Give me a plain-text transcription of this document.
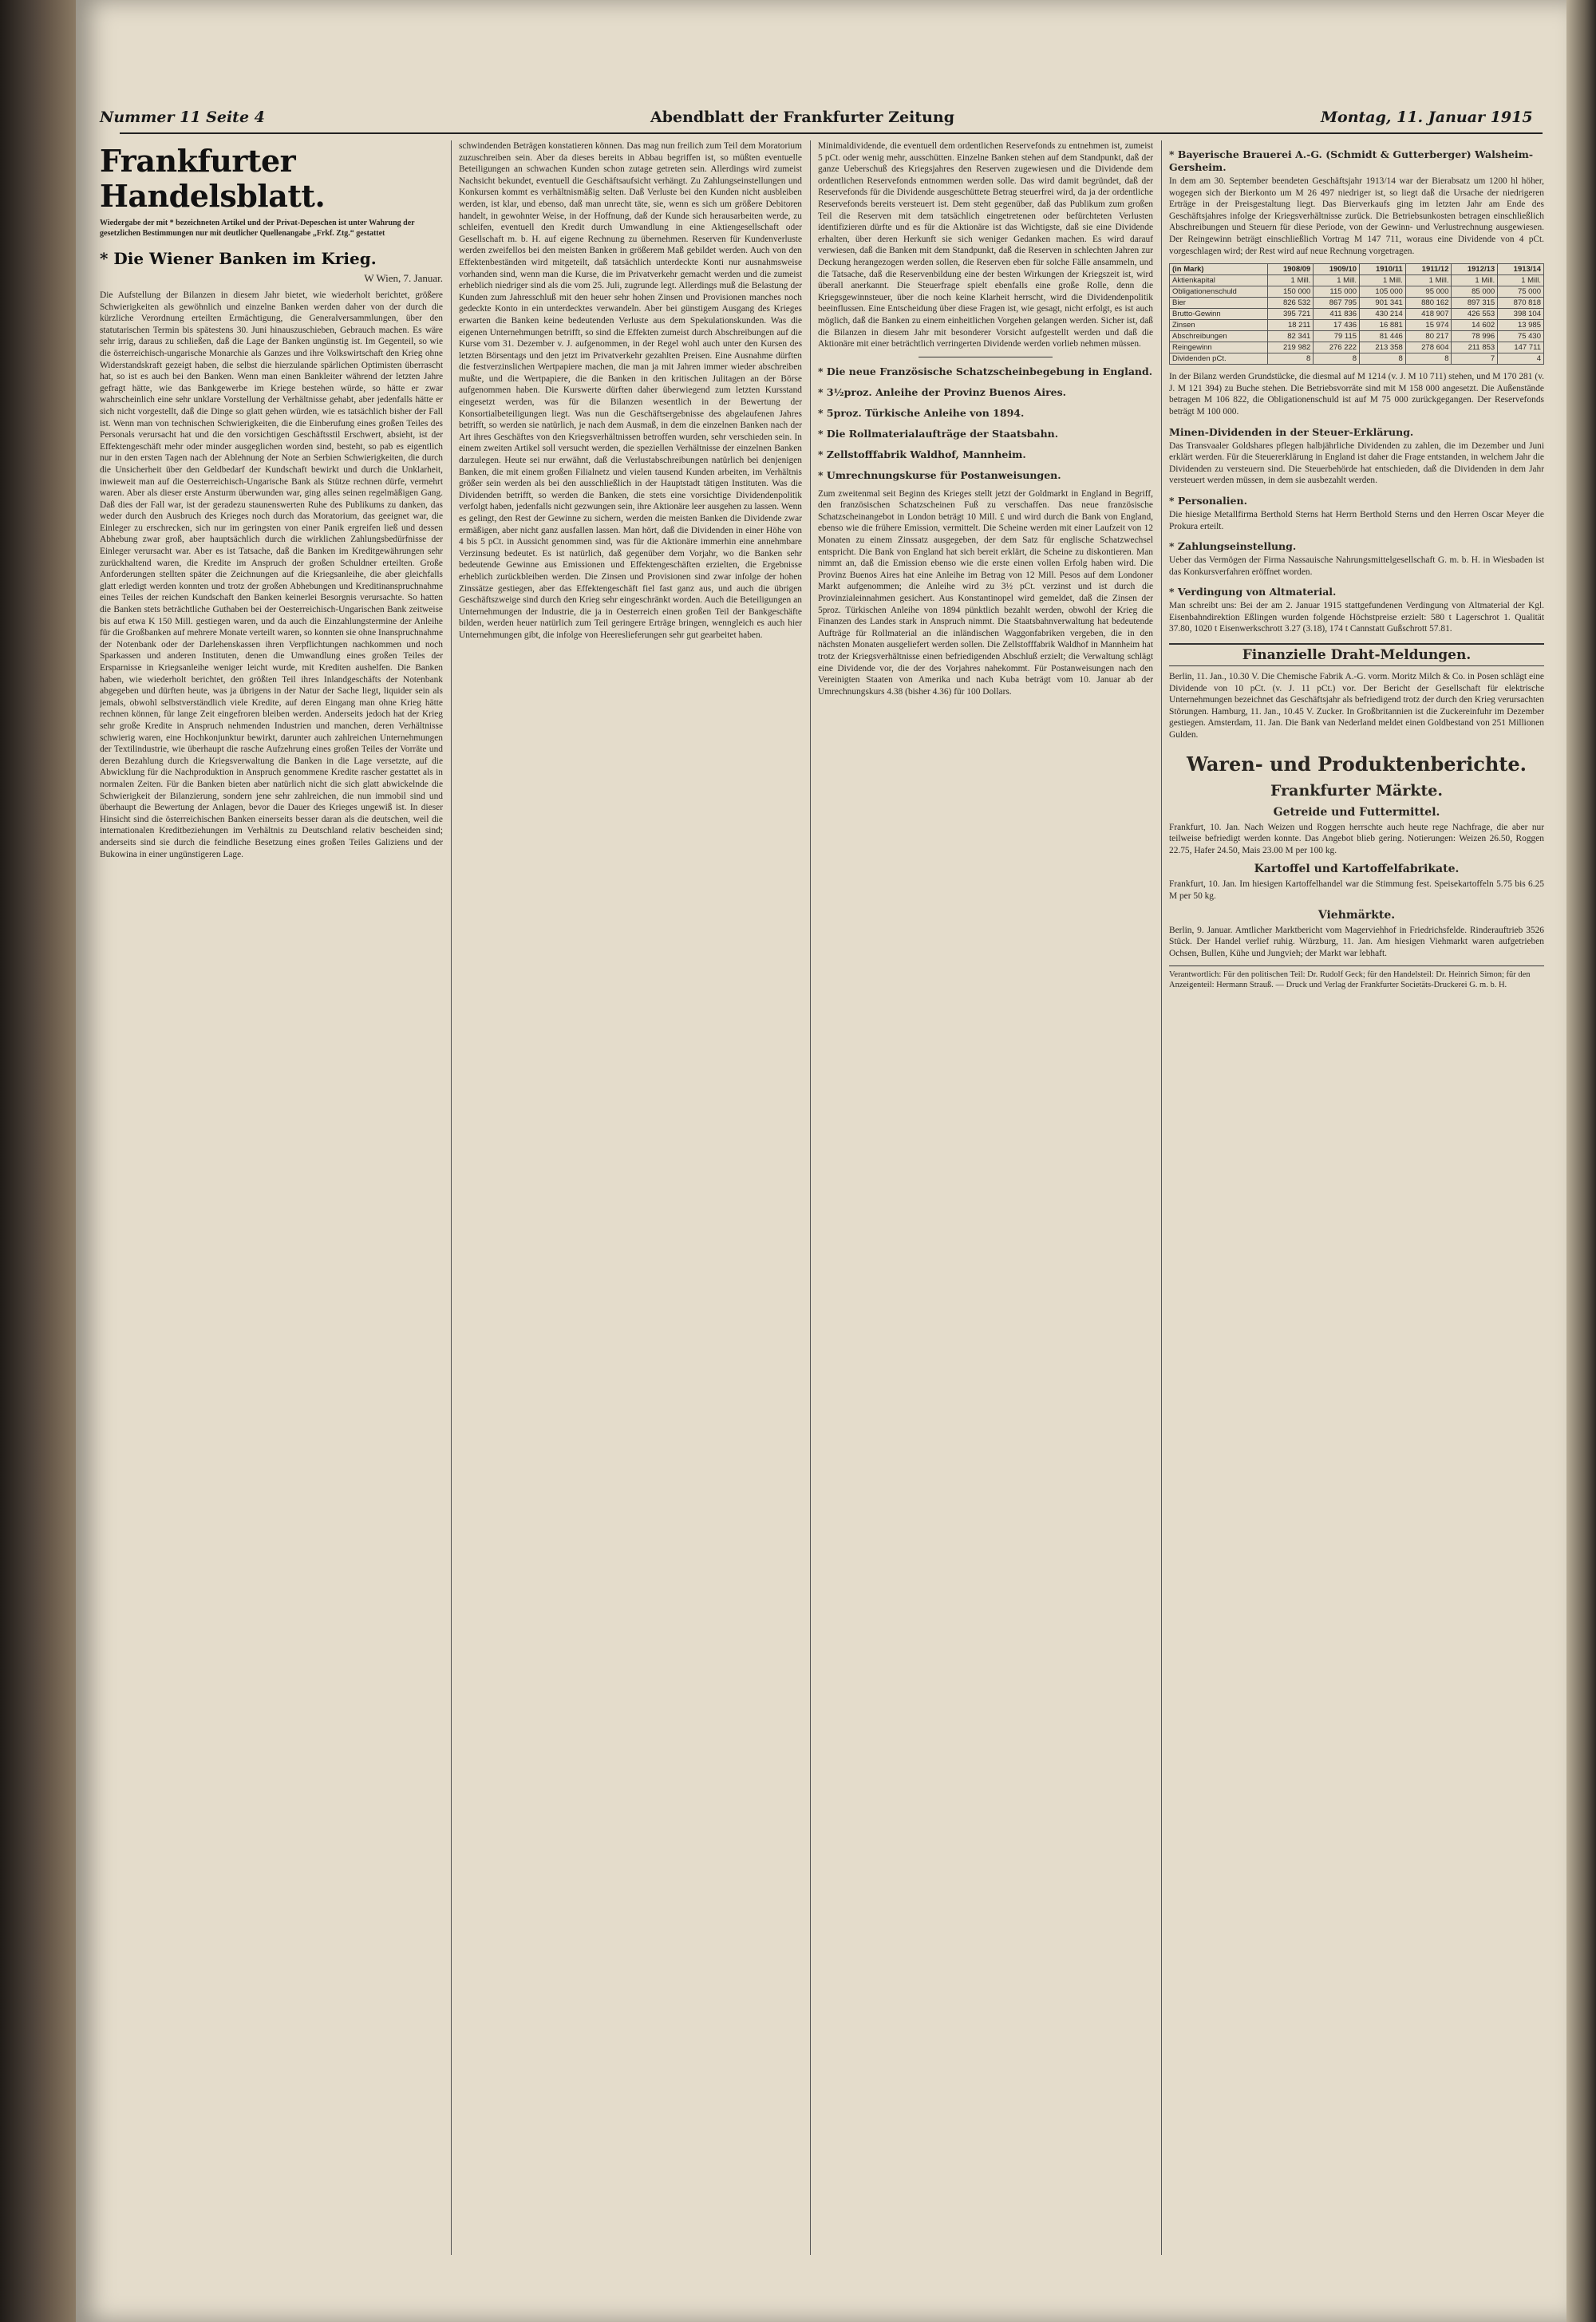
Nummer 11 Seite 4	Abendblatt der Frankfurter Zeitung	Montag, 11. Januar 1915
Frankfurter Handelsblatt.

Wiedergabe der mit * bezeichneten Artikel und der Privat-Depeschen ist unter Wahrung der gesetzlichen Bestimmungen nur mit deutlicher Quellenangabe „Frkf. Ztg.“ gestattet

* Die Wiener Banken im Krieg.

W Wien, 7. Januar.

Die Aufstellung der Bilanzen in diesem Jahr bietet, wie wiederholt berichtet, größere Schwierigkeiten als gewöhnlich und einzelne Banken werden daher von der durch die kürzliche Verordnung erteilten Ermächtigung, die Generalversammlungen, über den statutarischen Termin bis spätestens 30. Juni hinauszuschieben, Gebrauch machen. Es wäre sehr irrig, daraus zu schließen, daß die Lage der Banken ungünstig ist. Im Gegenteil, so wie die österreichisch-ungarische Monarchie als Ganzes und ihre Volkswirtschaft den Krieg ohne Widerstandskraft gezeigt haben, die selbst die hierzulande spärlichen Optimisten überrascht hat, so ist es auch bei den Banken. Wenn man einen Bankleiter während der letzten Jahre gefragt hätte, wie das Bankgewerbe im Kriege bestehen würde, so hätte er zwar wahrscheinlich eine sehr unklare Vorstellung der Verhältnisse gehabt, aber jedenfalls hätte er sich nicht vorgestellt, daß die Dinge so glatt gehen würden, wie es tatsächlich bisher der Fall ist. Wenn man von technischen Schwierigkeiten, die die Einberufung eines großen Teiles des Personals verursacht hat und die den vorsichtigen Geschäftsstil Erschwert, absieht, ist der Effektengeschäft mehr oder minder ausgeglichen worden sind, besteht, so pab es eigentlich nur in den ersten Tagen nach der Ablehnung der Note an Serbien Schwierigkeiten, die durch die Unsicherheit über den Geldbedarf der Kundschaft bewirkt und durch die Unklarheit, inwieweit man auf die Oesterreichisch-Ungarische Bank als Stütze rechnen dürfe, vermehrt waren. Aber als dieser erste Ansturm überwunden war, ging alles seinen regelmäßigen Gang. Daß dies der Fall war, ist der geradezu staunenswerten Ruhe des Publikums zu danken, das weder durch den Ausbruch des Krieges noch durch das Moratorium, das geeignet war, die Einleger zu erschrecken, sich nur im geringsten von einer Panik ergreifen ließ und dessen Abhebung zwar groß, aber hauptsächlich durch die wirklichen Zahlungsbedürfnisse der Einleger verursacht war. Aber es ist Tatsache, daß die Banken im Kreditgewährungen sehr zurückhaltend waren, die Kredite im Anspruch der großen Schuldner erteilten. Große Anforderungen stellten später die Zeichnungen auf die Kriegsanleihe, die aber gleichfalls glatt erledigt werden konnten und trotz der großen Abhebungen und Kreditinanspruchnahme eines Teiles der reichen Kundschaft den Banken keinerlei Besorgnis verursachte. So hatten die Banken stets beträchtliche Guthaben bei der Oesterreichisch-Ungarischen Bank zeitweise bis auf etwa K 150 Mill. gestiegen waren, und da auch die Einzahlungstermine der Anleihe für die Großbanken auf mehrere Monate verteilt waren, so konnten sie ohne Inanspruchnahme der Notenbank oder der Darlehenskassen ihren Verpflichtungen nachkommen und noch Sparkassen und anderen Instituten, denen die Umwandlung eines großen Teiles der Ersparnisse in Kriegsanleihe weniger leicht wurde, mit Krediten aushelfen. Die Banken haben, wie wiederholt berichtet, den größten Teil ihres Inlandgeschäfts der Notenbank abgegeben und dürften heute, was ja übrigens in der Natur der Sache liegt, liquider sein als jemals, obwohl selbstverständlich viele Kredite, auf deren Eingang man ohne Krieg hätte rechnen können, für lange Zeit eingefroren bleiben werden. Anderseits jedoch hat der Krieg sehr große Kredite in Anspruch nehmenden Industrien und manchen, deren Verhältnisse schwierig waren, eine Hochkonjunktur bewirkt, darunter auch zahlreichen Unternehmungen der Textilindustrie, wie überhaupt die rasche Aufzehrung eines großen Teiles der Vorräte und deren Bezahlung durch die Kriegsverwaltung die Banken in die Lage versetzte, auf die Abwicklung für die Nachproduktion in Anspruch genommene Kredite rascher gestattet als in normalen Zeiten. Für die Banken bieten aber natürlich nicht die sich glatt abwickelnde die Schwierigkeit der Bilanzierung, sondern jene sehr zahlreichen, die nun immobil sind und überhaupt die Bewertung der Anlagen, bevor die Dauer des Krieges ungewiß ist. In dieser Hinsicht sind die österreichischen Banken einerseits besser daran als die deutschen, weil die internationalen Kreditbeziehungen im Verhältnis zu Deutschland relativ bescheiden sind; anderseits sind sie durch die feindliche Besetzung eines großen Teiles Galiziens und der Bukowina in einer ungünstigeren Lage.

schwindenden Beträgen konstatieren können. Das mag nun freilich zum Teil dem Moratorium zuzuschreiben sein. Aber da dieses bereits in Abbau begriffen ist, so müßten eventuelle Beteiligungen an schwachen Kunden schon zutage getreten sein. Allerdings wird zumeist Nachsicht bekundet, eventuell die Geschäftsaufsicht verhängt. Zu Zahlungseinstellungen und Konkursen kommt es verhältnismäßig selten. Daß Verluste bei den Kunden nicht ausbleiben werden, ist klar, und ebenso, daß man unrecht täte, sie, wenn es sich um größere Debitoren handelt, in gewohnter Weise, in der Hoffnung, daß der Kunde sich herausarbeiten werde, zu schleifen, eventuell den Kredit durch Umwandlung in eine Aktiengesellschaft oder Gesellschaft m. b. H. auf eigene Rechnung zu übernehmen. Reserven für Kundenverluste werden zweifellos bei den meisten Banken in größerem Maß gebildet werden. Auch von den Effektenbeständen wird mitgeteilt, daß tatsächlich unterdeckte Konti nur ausnahmsweise vorhanden sind, wenn man die Kurse, die im Privatverkehr gemacht werden und die zumeist erheblich niedriger sind als die vom 25. Juli, zugrunde legt. Allerdings muß die Belastung der Kunden zum Jahresschluß mit den heuer sehr hohen Zinsen und Provisionen manches noch gedeckte Konto in ein unterdecktes verwandeln. Aber bei günstigem Ausgang des Krieges erwarten die Banken keine bedeutenden Verluste aus dem Spekulationskunden. Was die eigenen Unternehmungen betrifft, so sind die Effekten zumeist durch Abschreibungen auf die Kurse vom 31. Dezember v. J. aufgenommen, in der Regel wohl auch unter den Kursen des letzten Börsentags und den jetzt im Privatverkehr gezahlten Preisen. Eine Ausnahme dürften die festverzinslichen Wertpapiere machen, die man ja mit Jahren immer wieder abschreiben mußte, und die Wertpapiere, die die Banken in den kritischen Julitagen an der Börse aufgenommen haben. Die Kurswerte dürften daher überwiegend zum letzten Kursstand eingesetzt werden, was für die Bilanzen wesentlich in der Bewertung der Konsortialbeteiligungen liegt. Was nun die Geschäftsergebnisse des abgelaufenen Jahres betrifft, so werden sie natürlich, je nach dem Ausmaß, in dem die einzelnen Banken nach der Art ihres Geschäftes von den Kriegsverhältnissen betroffen wurden, sehr verschieden sein. In einem zweiten Artikel soll versucht werden, die speziellen Verhältnisse der einzelnen Banken darzulegen. Heute sei nur erwähnt, daß die Verlustabschreibungen natürlich bei denjenigen Banken, die mit einem großen Filialnetz und vielen tausend Kunden arbeiten, im Verhältnis größer sein werden als bei den ausschließlich in der Hauptstadt tätigen Instituten. Was die Dividenden betrifft, so werden die Banken, die stets eine vorsichtige Dividendenpolitik verfolgt haben, jedenfalls nicht gezwungen sein, ihre Aktionäre leer ausgehen zu lassen. Wenn es gelingt, den Rest der Gewinne zu sichern, werden die meisten Banken die Dividende zwar ermäßigen, aber nicht ganz ausfallen lassen. Man hört, daß die Dividenden in einer Höhe von 4 bis 5 pCt. in Aussicht genommen sind, was für die Aktionäre immerhin eine annehmbare Verzinsung bedeutet. Es ist natürlich, daß gegenüber dem Vorjahr, wo die Banken sehr bedeutende Gewinne aus Emissionen und Effektengeschäften erzielten, die Ergebnisse erheblich zurückbleiben werden. Die Zinsen und Provisionen sind zwar infolge der hohen Zinssätze gestiegen, aber das Effektengeschäft fiel fast ganz aus, und auch die übrigen Geschäftszweige sind durch den Krieg sehr eingeschränkt worden. Auch die Beteiligungen an Unternehmungen der Industrie, die ja in Oesterreich einen großen Teil der Bankgeschäfte bilden, werden heuer natürlich zum Teil geringere Erträge bringen, wenngleich es auch hier Unternehmungen gibt, die infolge von Heereslieferungen sehr gut gearbeitet haben.

Minimaldividende, die eventuell dem ordentlichen Reservefonds zu entnehmen ist, zumeist 5 pCt. oder wenig mehr, ausschütten. Einzelne Banken stehen auf dem Standpunkt, daß der ganze Ueberschuß des Kriegsjahres den Reserven zugewiesen und die Dividende dem ordentlichen Reservefonds entnommen werden solle. Das wird damit begründet, daß der Reservefonds für die Dividende ausgeschüttete Betrag steuerfrei wird, da ja der ordentliche Reservefonds bereits versteuert ist. Dem steht gegenüber, daß das Publikum zum großen Teil die Reserven mit dem tatsächlich eingetretenen oder befürchteten Verlusten identifizieren dürfte und es für die Aktionäre ist das Wichtigste, daß sie eine Dividende erhalten, über deren Herkunft sie sich weniger Gedanken machen. Es wird darauf verwiesen, daß die Banken mit dem Standpunkt, daß die Reserven in schlechten Jahren zur Deckung herangezogen werden sollen, die Reserven eben für solche Fälle ansammeln, und die Tatsache, daß die Reservenbildung eine der besten Wirkungen der Kriegszeit ist, wird überall anerkannt. Die Steuerfrage spielt ebenfalls eine große Rolle, denn die Kriegsgewinnsteuer, über die noch keine Klarheit herrscht, wird die Dividendenpolitik beeinflussen. Eine Entscheidung über diese Fragen ist, wie gesagt, nicht erfolgt, es ist auch möglich, daß die Banken zu einem einheitlichen Vorgehen gelangen werden. Sicher ist, daß die Bilanzen in diesem Jahr mit besonderer Vorsicht aufgestellt werden und daß die Aktionäre mit einer beträchtlich verringerten Dividende werden vorlieb nehmen müssen.

* Die neue Französische Schatzscheinbegebung in England.
* 3½proz. Anleihe der Provinz Buenos Aires.
* 5proz. Türkische Anleihe von 1894.
* Die Rollmaterialaufträge der Staatsbahn.
* Zellstofffabrik Waldhof, Mannheim.
* Umrechnungskurse für Postanweisungen.

Zum zweitenmal seit Beginn des Krieges stellt jetzt der Goldmarkt in England in Begriff, den französischen Schatzscheinen Fuß zu verschaffen. Das neue französische Schatzscheinangebot in London beträgt 10 Mill. £ und wird durch die Bank von England, ebenso wie die frühere Emission, vermittelt. Die Scheine werden mit einer Laufzeit von 12 Monaten zu einem Zinssatz ausgegeben, der dem Satz für englische Schatzwechsel entspricht. Die Bank von England hat sich bereit erklärt, die Scheine zu diskontieren. Man nimmt an, daß die Emission ebenso wie die erste einen vollen Erfolg haben wird. Die Provinz Buenos Aires hat eine Anleihe im Betrag von 12 Mill. Pesos auf dem Londoner Markt aufgenommen; die Anleihe wird zu 3½ pCt. verzinst und ist durch die Provinzialeinnahmen gesichert. Aus Konstantinopel wird gemeldet, daß die Zinsen der 5proz. Türkischen Anleihe von 1894 pünktlich bezahlt werden, obwohl der Krieg die Finanzen des Landes stark in Anspruch nimmt. Die Staatsbahnverwaltung hat bedeutende Aufträge für Rollmaterial an die inländischen Waggonfabriken vergeben, die in den nächsten Monaten ausgeliefert werden sollen. Die Zellstofffabrik Waldhof in Mannheim hat trotz der Kriegsverhältnisse einen befriedigenden Abschluß erzielt; die Verwaltung schlägt eine Dividende vor, die der des Vorjahres nahekommt. Für Postanweisungen nach den Vereinigten Staaten von Amerika und nach Kuba beträgt vom 10. Januar ab der Umrechnungskurs 4.38 (bisher 4.36) für 100 Dollars.

* Bayerische Brauerei A.-G. (Schmidt & Gutterberger) Walsheim-Gersheim.

In dem am 30. September beendeten Geschäftsjahr 1913/14 war der Bierabsatz um 1200 hl höher, wogegen sich der Bierkonto um M 26 497 niedriger ist, so liegt daß die Ursache der niedrigeren Erträge in der Preisgestaltung liegt. Das Bierverkaufs ging im letzten Jahr am Ende des Geschäftsjahres infolge der Kriegsverhältnisse zurück. Die Betriebsunkosten betragen einschließlich Abschreibungen und Steuern für diese Periode, von der Gewinn- und Verlustrechnung ausgewiesen. Der Reingewinn beträgt einschließlich Vortrag M 147 711, woraus eine Dividende von 4 pCt. vorgeschlagen wird; der Rest wird auf neue Rechnung vorgetragen.

(in Mark)	1908/09	1909/10	1910/11	1911/12	1912/13	1913/14
Aktienkapital	1 Mill.	1 Mill.	1 Mill.	1 Mill.	1 Mill.	1 Mill.
Obligationenschuld	150 000	115 000	105 000	95 000	85 000	75 000
Bier	826 532	867 795	901 341	880 162	897 315	870 818
Brutto-Gewinn	395 721	411 836	430 214	418 907	426 553	398 104
Zinsen	18 211	17 436	16 881	15 974	14 602	13 985
Abschreibungen	82 341	79 115	81 446	80 217	78 996	75 430
Reingewinn	219 982	276 222	213 358	278 604	211 853	147 711
Dividenden pCt.	8	8	8	8	7	4

In der Bilanz werden Grundstücke, die diesmal auf M 1214 (v. J. M 10 711) stehen, und M 170 281 (v. J. M 121 394) zu Buche stehen. Die Betriebsvorräte sind mit M 158 000 angesetzt. Die Außenstände betragen M 106 822, die Obligationenschuld ist auf M 75 000 zurückgegangen. Der Reservefonds beträgt M 100 000.

Minen-Dividenden in der Steuer-Erklärung.

Das Transvaaler Goldshares pflegen halbjährliche Dividenden zu zahlen, die im Dezember und Juni erklärt werden. Für die Steuererklärung in England ist daher die Frage entstanden, in welchem Jahr die Dividenden zu versteuern sind. Die Steuerbehörde hat entschieden, daß die Dividenden in dem Jahr versteuert werden müssen, in dem sie ausbezahlt werden.

* Personalien.

Die hiesige Metallfirma Berthold Sterns hat Herrn Berthold Sterns und den Herren Oscar Meyer die Prokura erteilt.

* Zahlungseinstellung.

Ueber das Vermögen der Firma Nassauische Nahrungsmittelgesellschaft G. m. b. H. in Wiesbaden ist das Konkursverfahren eröffnet worden.

* Verdingung von Altmaterial.

Man schreibt uns: Bei der am 2. Januar 1915 stattgefundenen Verdingung von Altmaterial der Kgl. Eisenbahndirektion Eßlingen wurden folgende Höchstpreise erzielt: 580 t Lagerschrot 1. Qualität 37.80, 1020 t Eisenwerkschrott 3.27 (3.18), 174 t Cannstatt Gußschrott 57.81.

Finanzielle Draht-Meldungen.

Berlin, 11. Jan., 10.30 V. Die Chemische Fabrik A.-G. vorm. Moritz Milch & Co. in Posen schlägt eine Dividende von 10 pCt. (v. J. 11 pCt.) vor. Der Bericht der Gesellschaft für elektrische Unternehmungen bezeichnet das Geschäftsjahr als befriedigend trotz der durch den Krieg verursachten Störungen. Hamburg, 11. Jan., 10.45 V. Zucker. In Großbritannien ist die Zuckereinfuhr im Dezember gestiegen. Amsterdam, 11. Jan. Die Bank van Nederland meldet einen Goldbestand von 251 Millionen Gulden.

Waren- und Produktenberichte.
Frankfurter Märkte.
Getreide und Futtermittel.

Frankfurt, 10. Jan. Nach Weizen und Roggen herrschte auch heute rege Nachfrage, die aber nur teilweise befriedigt werden konnte. Das Angebot blieb gering. Notierungen: Weizen 26.50, Roggen 22.75, Hafer 24.50, Mais 23.00 M per 100 kg.

Kartoffel und Kartoffelfabrikate.

Frankfurt, 10. Jan. Im hiesigen Kartoffelhandel war die Stimmung fest. Speisekartoffeln 5.75 bis 6.25 M per 50 kg.

Viehmärkte.

Berlin, 9. Januar. Amtlicher Marktbericht vom Magerviehhof in Friedrichsfelde. Rinderauftrieb 3526 Stück. Der Handel verlief ruhig. Würzburg, 11. Jan. Am hiesigen Viehmarkt waren aufgetrieben Ochsen, Bullen, Kühe und Jungvieh; der Markt war lebhaft.

Verantwortlich: Für den politischen Teil: Dr. Rudolf Geck; für den Handelsteil: Dr. Heinrich Simon; für den Anzeigenteil: Hermann Strauß. — Druck und Verlag der Frankfurter Societäts-Druckerei G. m. b. H.
